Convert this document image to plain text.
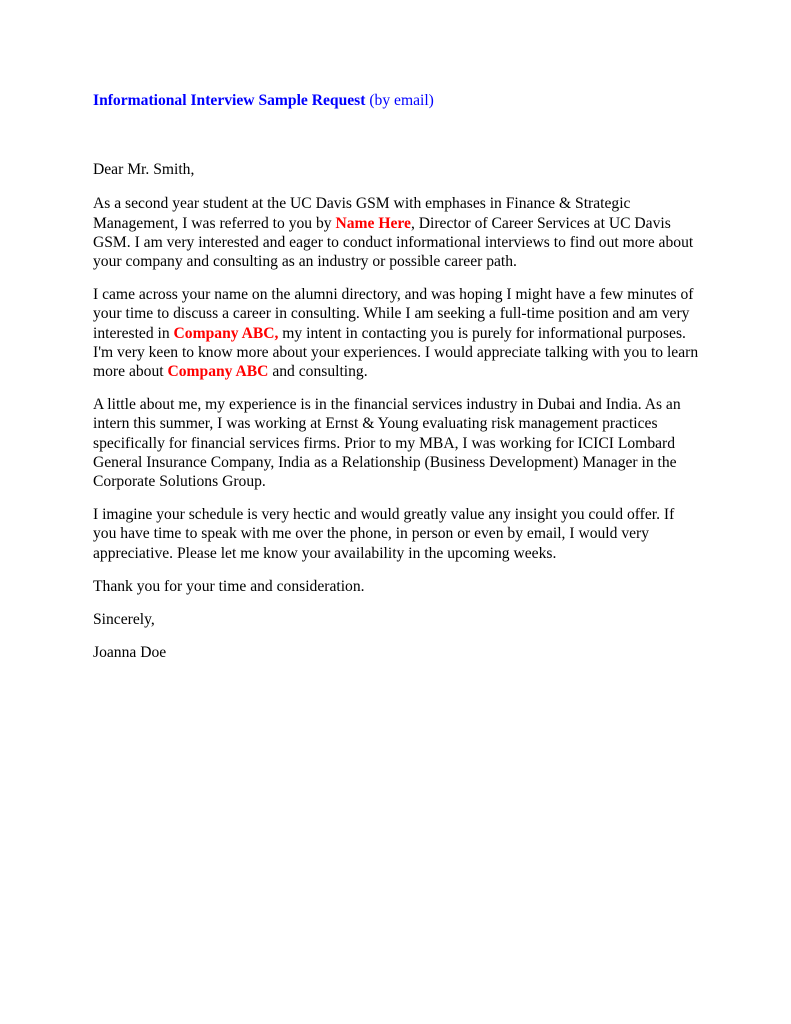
Informational Interview Sample Request (by email)

Dear Mr. Smith,

As a second year student at the UC Davis GSM with emphases in Finance & Strategic
Management, I was referred to you by Name Here, Director of Career Services at UC Davis
GSM. I am very interested and eager to conduct informational interviews to find out more about
your company and consulting as an industry or possible career path.

I came across your name on the alumni directory, and was hoping I might have a few minutes of
your time to discuss a career in consulting. While I am seeking a full-time position and am very
interested in Company ABC, my intent in contacting you is purely for informational purposes.
I'm very keen to know more about your experiences. I would appreciate talking with you to learn
more about Company ABC and consulting.

A little about me, my experience is in the financial services industry in Dubai and India. As an
intern this summer, I was working at Ernst & Young evaluating risk management practices
specifically for financial services firms. Prior to my MBA, I was working for ICICI Lombard
General Insurance Company, India as a Relationship (Business Development) Manager in the
Corporate Solutions Group.

I imagine your schedule is very hectic and would greatly value any insight you could offer. If
you have time to speak with me over the phone, in person or even by email, I would very
appreciative. Please let me know your availability in the upcoming weeks.

Thank you for your time and consideration.

Sincerely,

Joanna Doe
